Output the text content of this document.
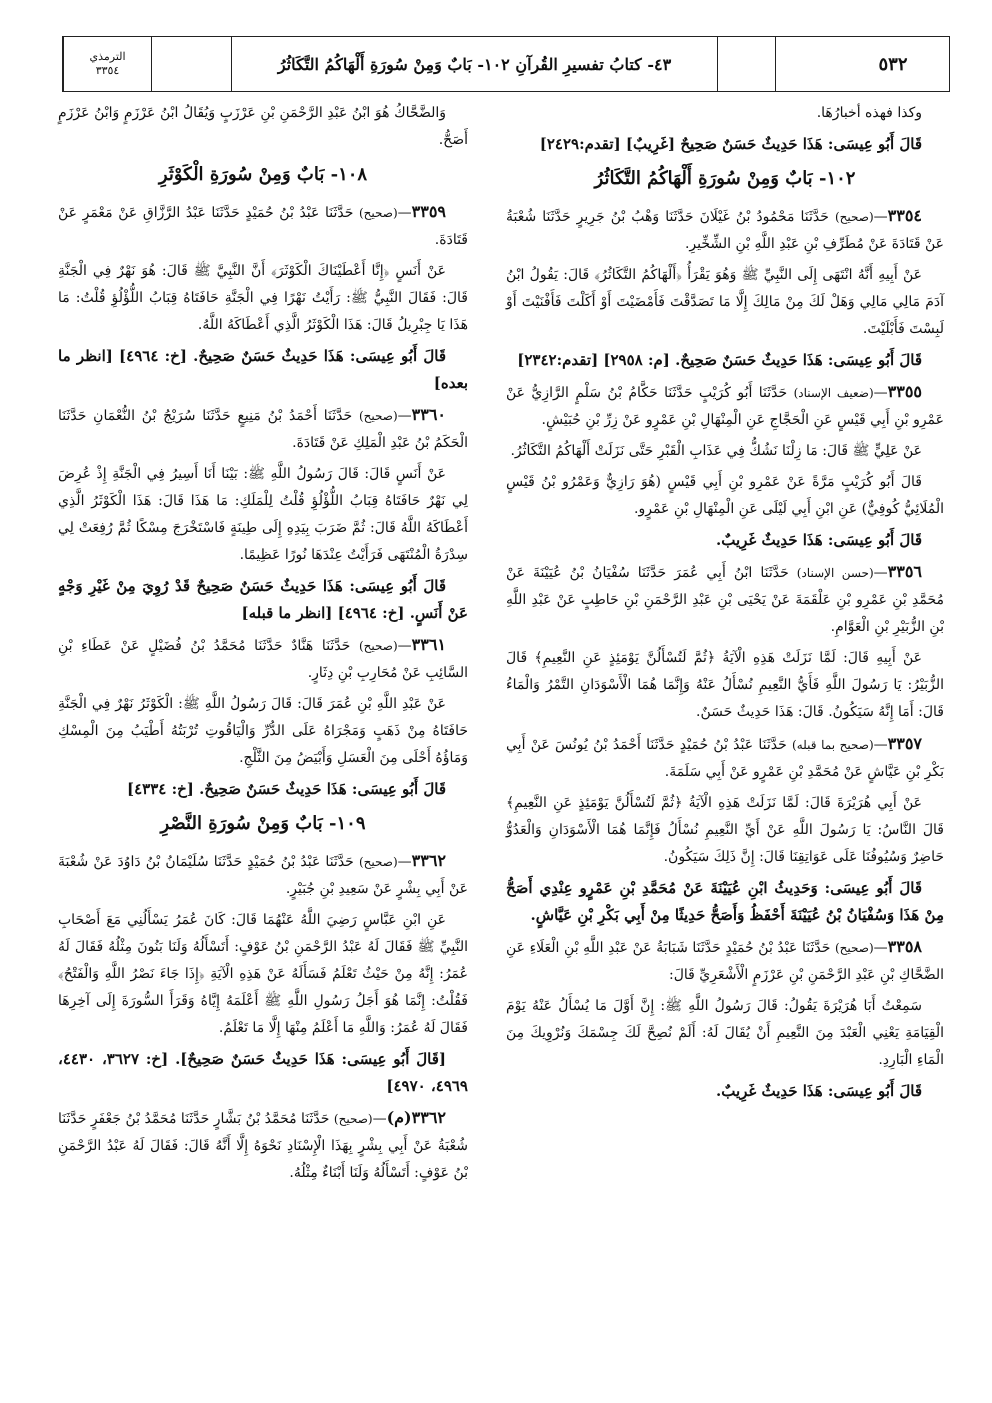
الترمذي
٣٣٥٤	٤٣- كتابُ تفسيرِ القُرآنِ ١٠٢- بَابٌ وَمِنْ سُورَةِ أَلْهَاكُمُ التَّكَاثُرُ	٥٣٢

وكذا فهذه أخبارُهَا.

قَالَ أَبُو عِيسَى: هَذَا حَدِيثٌ حَسَنٌ صَحِيحٌ [غَرِيبٌ] [تقدم:٢٤٢٩]

١٠٢- بَابٌ وَمِنْ سُورَةِ أَلْهَاكُمُ التَّكَاثُرُ

٣٣٥٤—(صحيح) حَدَّثَنَا مَحْمُودُ بْنُ غَيْلَانَ حَدَّثَنَا وَهْبُ بْنُ جَرِيرٍ حَدَّثَنَا شُعْبَةُ عَنْ قَتَادَةَ عَنْ مُطَرِّفِ بْنِ عَبْدِ اللَّهِ بْنِ الشِّخِّيرِ.

عَنْ أَبِيهِ أَنَّهُ انْتَهَى إِلَى النَّبِيِّ ﷺ وَهُوَ يَقْرَأُ ﴿أَلْهَاكُمُ التَّكَاثُرُ﴾ قَالَ: يَقُولُ ابْنُ آدَمَ مَالِي مَالِي وَهَلْ لَكَ مِنْ مَالِكَ إِلَّا مَا تَصَدَّقْتَ فَأَمْضَيْتَ أَوْ أَكَلْتَ فَأَفْنَيْتَ أَوْ لَبِسْتَ فَأَبْلَيْتَ.

قَالَ أَبُو عِيسَى: هَذَا حَدِيثٌ حَسَنٌ صَحِيحٌ. [م: ٢٩٥٨] [تقدم:٢٣٤٢]

٣٣٥٥—(ضعيف الإسناد) حَدَّثَنَا أَبُو كُرَيْبٍ حَدَّثَنَا حَكَّامُ بْنُ سَلْمٍ الرَّازِيُّ عَنْ عَمْرِو بْنِ أَبِي قَيْسٍ عَنِ الْحَجَّاجِ عَنِ الْمِنْهَالِ بْنِ عَمْرٍو عَنْ زِرِّ بْنِ حُبَيْشٍ.

عَنْ عَلِيٍّ ﷺ قَالَ: مَا زِلْنَا نَشُكُّ فِي عَذَابِ الْقَبْرِ حَتَّى نَزَلَتْ أَلْهَاكُمُ التَّكَاثُرُ.

قَالَ أَبُو كُرَيْبٍ مَرَّةً عَنْ عَمْرِو بْنِ أَبِي قَيْسٍ (هُوَ رَازِيٌّ وَعَمْرُو بْنُ قَيْسٍ الْمُلَائِيُّ كُوفِيٌّ) عَنِ ابْنِ أَبِي لَيْلَى عَنِ الْمِنْهَالِ بْنِ عَمْرٍو.

قَالَ أَبُو عِيسَى: هَذَا حَدِيثٌ غَرِيبٌ.

٣٣٥٦—(حسن الإسناد) حَدَّثَنَا ابْنُ أَبِي عُمَرَ حَدَّثَنَا سُفْيَانُ بْنُ عُيَيْنَةَ عَنْ مُحَمَّدِ بْنِ عَمْرِو بْنِ عَلْقَمَةَ عَنْ يَحْيَى بْنِ عَبْدِ الرَّحْمَنِ بْنِ حَاطِبٍ عَنْ عَبْدِ اللَّهِ بْنِ الزُّبَيْرِ بْنِ الْعَوَّامِ.

عَنْ أَبِيهِ قَالَ: لَمَّا نَزَلَتْ هَذِهِ الْآيَةُ ﴿ثُمَّ لَتُسْأَلُنَّ يَوْمَئِذٍ عَنِ النَّعِيمِ﴾ قَالَ الزُّبَيْرُ: يَا رَسُولَ اللَّهِ فَأَيُّ النَّعِيمِ نُسْأَلُ عَنْهُ وَإِنَّمَا هُمَا الْأَسْوَدَانِ التَّمْرُ وَالْمَاءُ قَالَ: أَمَا إِنَّهُ سَيَكُونُ. قَالَ: هَذَا حَدِيثٌ حَسَنٌ.

٣٣٥٧—(صحيح بما قبله) حَدَّثَنَا عَبْدُ بْنُ حُمَيْدٍ حَدَّثَنَا أَحْمَدُ بْنُ يُونُسَ عَنْ أَبِي بَكْرِ بْنِ عَيَّاشٍ عَنْ مُحَمَّدِ بْنِ عَمْرٍو عَنْ أَبِي سَلَمَةَ.

عَنْ أَبِي هُرَيْرَةَ قَالَ: لَمَّا نَزَلَتْ هَذِهِ الْآيَةُ ﴿ثُمَّ لَتُسْأَلُنَّ يَوْمَئِذٍ عَنِ النَّعِيمِ﴾ قَالَ النَّاسُ: يَا رَسُولَ اللَّهِ عَنْ أَيِّ النَّعِيمِ نُسْأَلُ فَإِنَّمَا هُمَا الْأَسْوَدَانِ وَالْعَدُوُّ حَاضِرٌ وَسُيُوفُنَا عَلَى عَوَاتِقِنَا قَالَ: إِنَّ ذَلِكَ سَيَكُونُ.

قَالَ أَبُو عِيسَى: وَحَدِيثُ ابْنِ عُيَيْنَةَ عَنْ مُحَمَّدِ بْنِ عَمْرٍو عِنْدِي أَصَحُّ مِنْ هَذَا وَسُفْيَانُ بْنُ عُيَيْنَةَ أَحْفَظُ وَأَصَحُّ حَدِيثًا مِنْ أَبِي بَكْرِ بْنِ عَيَّاشٍ.

٣٣٥٨—(صحيح) حَدَّثَنَا عَبْدُ بْنُ حُمَيْدٍ حَدَّثَنَا شَبَابَةُ عَنْ عَبْدِ اللَّهِ بْنِ الْعَلَاءِ عَنِ الضَّحَّاكِ بْنِ عَبْدِ الرَّحْمَنِ بْنِ عَرْزَمٍ الْأَشْعَرِيِّ قَالَ:

سَمِعْتُ أَبَا هُرَيْرَةَ يَقُولُ: قَالَ رَسُولُ اللَّهِ ﷺ: إِنَّ أَوَّلَ مَا يُسْأَلُ عَنْهُ يَوْمَ الْقِيَامَةِ يَعْنِي الْعَبْدَ مِنَ النَّعِيمِ أَنْ يُقَالَ لَهُ: أَلَمْ نُصِحَّ لَكَ جِسْمَكَ وَنُرْوِيكَ مِنَ الْمَاءِ الْبَارِدِ.

قَالَ أَبُو عِيسَى: هَذَا حَدِيثٌ غَرِيبٌ.

وَالضَّحَّاكُ هُوَ ابْنُ عَبْدِ الرَّحْمَنِ بْنِ عَرْزَبٍ وَيُقَالُ ابْنُ عَرْزَمٍ وَابْنُ عَرْزَمٍ أَصَحُّ.

١٠٨- بَابٌ وَمِنْ سُورَةِ الْكَوْثَرِ

٣٣٥٩—(صحيح) حَدَّثَنَا عَبْدُ بْنُ حُمَيْدٍ حَدَّثَنَا عَبْدُ الرَّزَّاقِ عَنْ مَعْمَرٍ عَنْ قَتَادَةَ.

عَنْ أَنَسٍ ﴿إِنَّا أَعْطَيْنَاكَ الْكَوْثَرَ﴾ أَنَّ النَّبِيَّ ﷺ قَالَ: هُوَ نَهْرٌ فِي الْجَنَّةِ قَالَ: فَقَالَ النَّبِيُّ ﷺ: رَأَيْتُ نَهْرًا فِي الْجَنَّةِ حَافَتَاهُ قِبَابُ اللُّؤْلُؤِ قُلْتُ: مَا هَذَا يَا جِبْرِيلُ قَالَ: هَذَا الْكَوْثَرُ الَّذِي أَعْطَاكَهُ اللَّهُ.

قَالَ أَبُو عِيسَى: هَذَا حَدِيثٌ حَسَنٌ صَحِيحٌ. [خ: ٤٩٦٤] [انظر ما بعده]

٣٣٦٠—(صحيح) حَدَّثَنَا أَحْمَدُ بْنُ مَنِيعٍ حَدَّثَنَا سُرَيْجُ بْنُ النُّعْمَانِ حَدَّثَنَا الْحَكَمُ بْنُ عَبْدِ الْمَلِكِ عَنْ قَتَادَةَ.

عَنْ أَنَسٍ قَالَ: قَالَ رَسُولُ اللَّهِ ﷺ: بَيْنَا أَنَا أَسِيرُ فِي الْجَنَّةِ إِذْ عُرِضَ لِي نَهْرٌ حَافَتَاهُ قِبَابُ اللُّؤْلُؤِ قُلْتُ لِلْمَلَكِ: مَا هَذَا قَالَ: هَذَا الْكَوْثَرُ الَّذِي أَعْطَاكَهُ اللَّهُ قَالَ: ثُمَّ ضَرَبَ بِيَدِهِ إِلَى طِينَةٍ فَاسْتَخْرَجَ مِسْكًا ثُمَّ رُفِعَتْ لِي سِدْرَةُ الْمُنْتَهَى فَرَأَيْتُ عِنْدَهَا نُورًا عَظِيمًا.

قَالَ أَبُو عِيسَى: هَذَا حَدِيثٌ حَسَنٌ صَحِيحٌ قَدْ رُوِيَ مِنْ غَيْرِ وَجْهٍ عَنْ أَنَسٍ. [خ: ٤٩٦٤] [انظر ما قبله]

٣٣٦١—(صحيح) حَدَّثَنَا هَنَّادٌ حَدَّثَنَا مُحَمَّدُ بْنُ فُضَيْلٍ عَنْ عَطَاءِ بْنِ السَّائِبِ عَنْ مُحَارِبِ بْنِ دِثَارٍ.

عَنْ عَبْدِ اللَّهِ بْنِ عُمَرَ قَالَ: قَالَ رَسُولُ اللَّهِ ﷺ: الْكَوْثَرُ نَهْرٌ فِي الْجَنَّةِ حَافَتَاهُ مِنْ ذَهَبٍ وَمَجْرَاهُ عَلَى الدُّرِّ وَالْيَاقُوتِ تُرْبَتُهُ أَطْيَبُ مِنَ الْمِسْكِ وَمَاؤُهُ أَحْلَى مِنَ الْعَسَلِ وَأَبْيَضُ مِنَ الثَّلْجِ.

قَالَ أَبُو عِيسَى: هَذَا حَدِيثٌ حَسَنٌ صَحِيحٌ. [خ: ٤٣٣٤]

١٠٩- بَابٌ وَمِنْ سُورَةِ النَّصْرِ

٣٣٦٢—(صحيح) حَدَّثَنَا عَبْدُ بْنُ حُمَيْدٍ حَدَّثَنَا سُلَيْمَانُ بْنُ دَاوُدَ عَنْ شُعْبَةَ عَنْ أَبِي بِشْرٍ عَنْ سَعِيدِ بْنِ جُبَيْرٍ.

عَنِ ابْنِ عَبَّاسٍ رَضِيَ اللَّهُ عَنْهُمَا قَالَ: كَانَ عُمَرُ يَسْأَلُنِي مَعَ أَصْحَابِ النَّبِيِّ ﷺ فَقَالَ لَهُ عَبْدُ الرَّحْمَنِ بْنُ عَوْفٍ: أَتَسْأَلُهُ وَلَنَا بَنُونَ مِثْلُهُ فَقَالَ لَهُ عُمَرُ: إِنَّهُ مِنْ حَيْثُ تَعْلَمُ فَسَأَلَهُ عَنْ هَذِهِ الْآيَةِ ﴿إِذَا جَاءَ نَصْرُ اللَّهِ وَالْفَتْحُ﴾ فَقُلْتُ: إِنَّمَا هُوَ أَجَلُ رَسُولِ اللَّهِ ﷺ أَعْلَمَهُ إِيَّاهُ وَقَرَأَ السُّورَةَ إِلَى آخِرِهَا فَقَالَ لَهُ عُمَرُ: وَاللَّهِ مَا أَعْلَمُ مِنْهَا إِلَّا مَا تَعْلَمُ.

[قَالَ أَبُو عِيسَى: هَذَا حَدِيثٌ حَسَنٌ صَحِيحٌ]. [خ: ٣٦٢٧، ٤٤٣٠، ٤٩٦٩، ٤٩٧٠]

٣٣٦٢(م)—(صحيح) حَدَّثَنَا مُحَمَّدُ بْنُ بَشَّارٍ حَدَّثَنَا مُحَمَّدُ بْنُ جَعْفَرٍ حَدَّثَنَا شُعْبَةُ عَنْ أَبِي بِشْرٍ بِهَذَا الْإِسْنَادِ نَحْوَهُ إِلَّا أَنَّهُ قَالَ: فَقَالَ لَهُ عَبْدُ الرَّحْمَنِ بْنُ عَوْفٍ: أَتَسْأَلُهُ وَلَنَا أَبْنَاءٌ مِثْلُهُ.
